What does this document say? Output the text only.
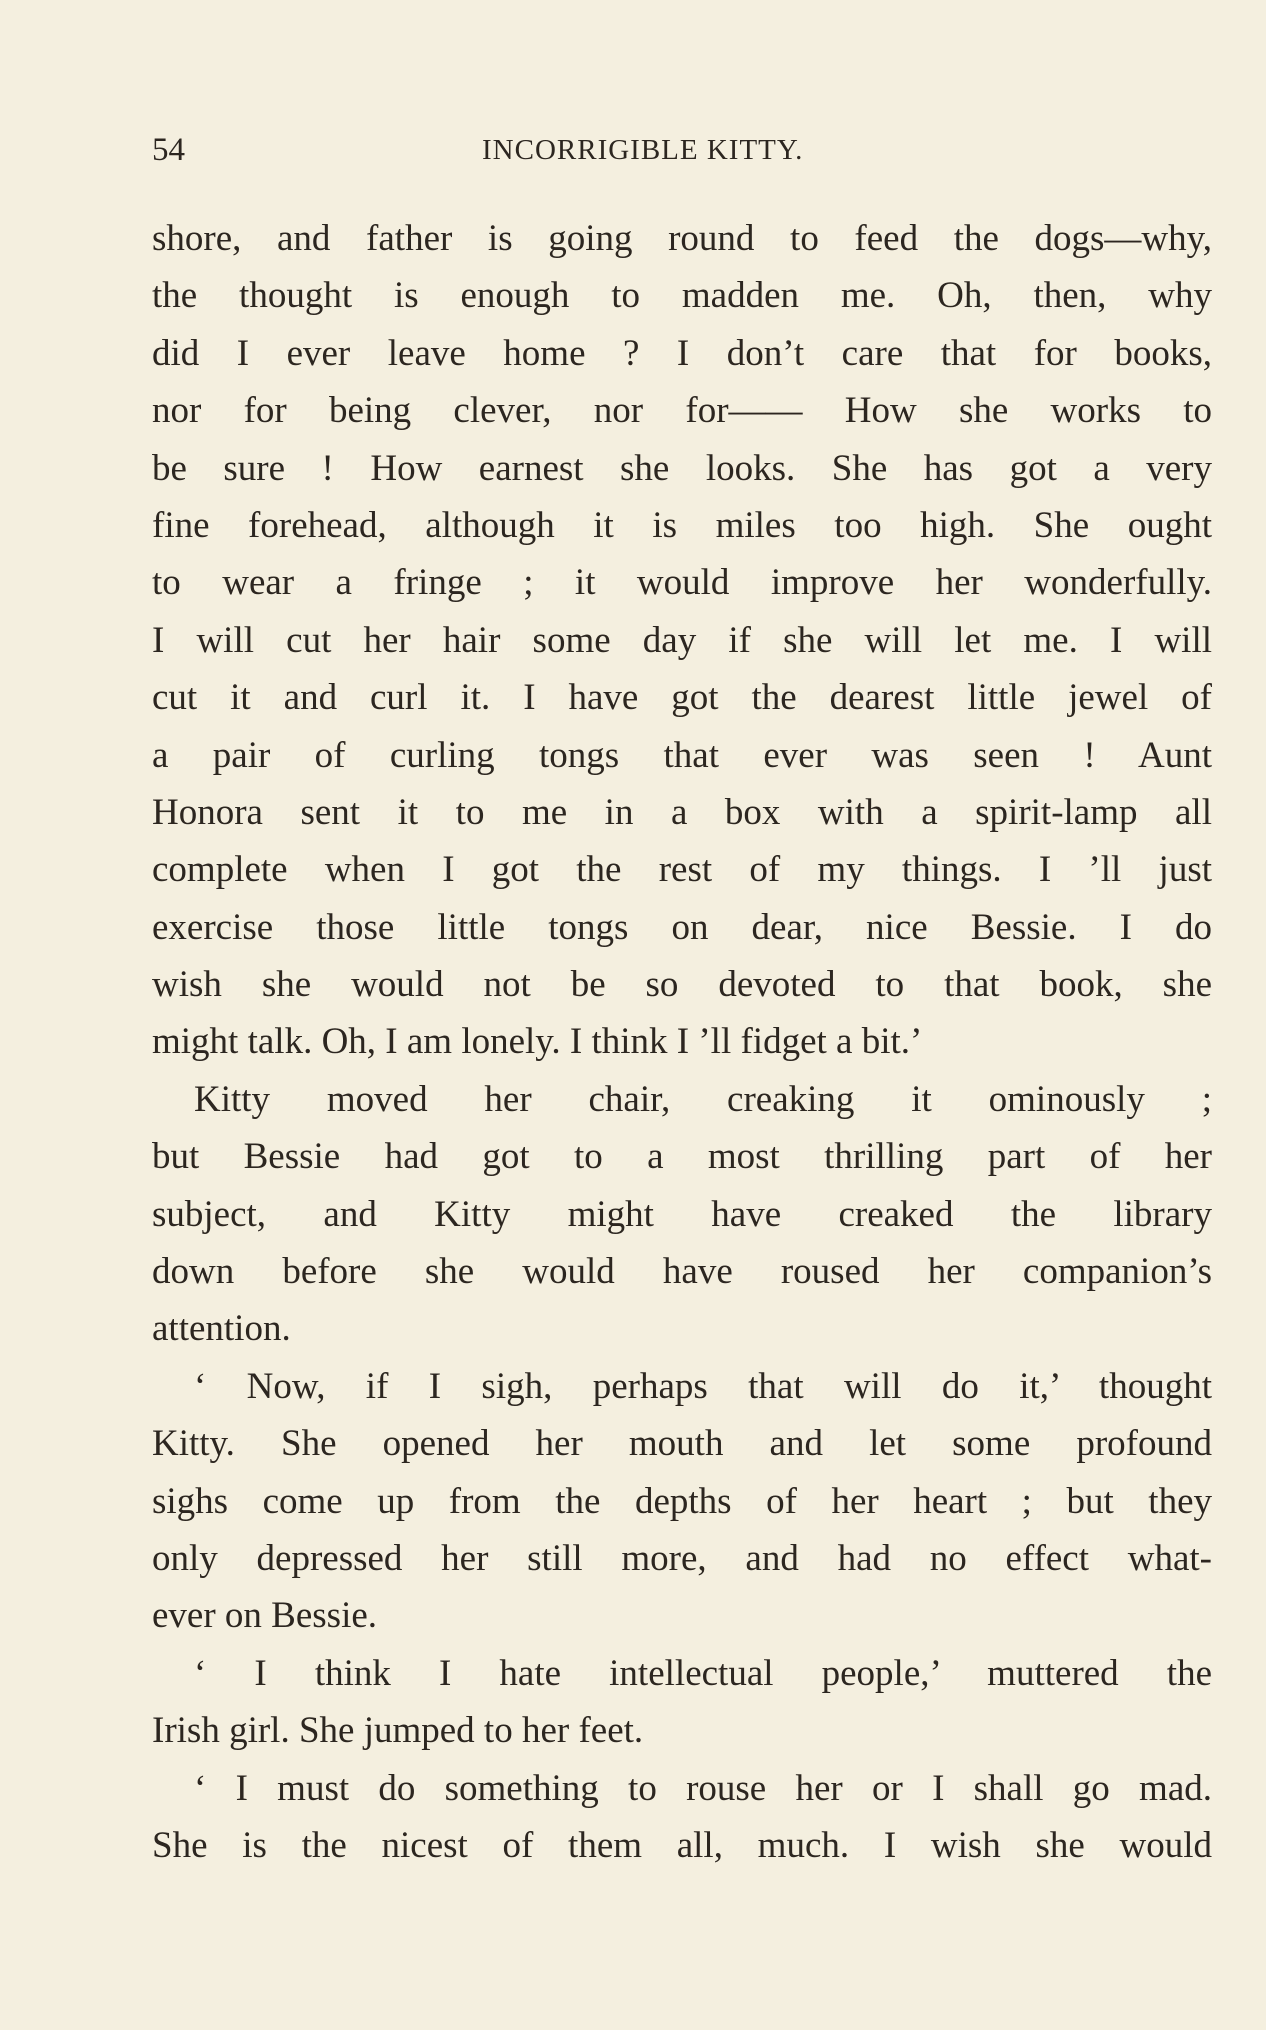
54	INCORRIGIBLE KITTY.
shore, and father is going round to feed the dogs—why,
the thought is enough to madden me. Oh, then, why
did I ever leave home ? I don’t care that for books,
nor for being clever, nor for—— How she works to
be sure ! How earnest she looks. She has got a very
fine forehead, although it is miles too high. She ought
to wear a fringe ; it would improve her wonderfully.
I will cut her hair some day if she will let me. I will
cut it and curl it. I have got the dearest little jewel of
a pair of curling tongs that ever was seen ! Aunt
Honora sent it to me in a box with a spirit-lamp all
complete when I got the rest of my things. I ’ll just
exercise those little tongs on dear, nice Bessie. I do
wish she would not be so devoted to that book, she
might talk. Oh, I am lonely. I think I ’ll fidget a bit.’
Kitty moved her chair, creaking it ominously ;
but Bessie had got to a most thrilling part of her
subject, and Kitty might have creaked the library
down before she would have roused her companion’s
attention.
‘ Now, if I sigh, perhaps that will do it,’ thought
Kitty. She opened her mouth and let some profound
sighs come up from the depths of her heart ; but they
only depressed her still more, and had no effect what-
ever on Bessie.
‘ I think I hate intellectual people,’ muttered the
Irish girl. She jumped to her feet.
‘ I must do something to rouse her or I shall go mad.
She is the nicest of them all, much. I wish she would
